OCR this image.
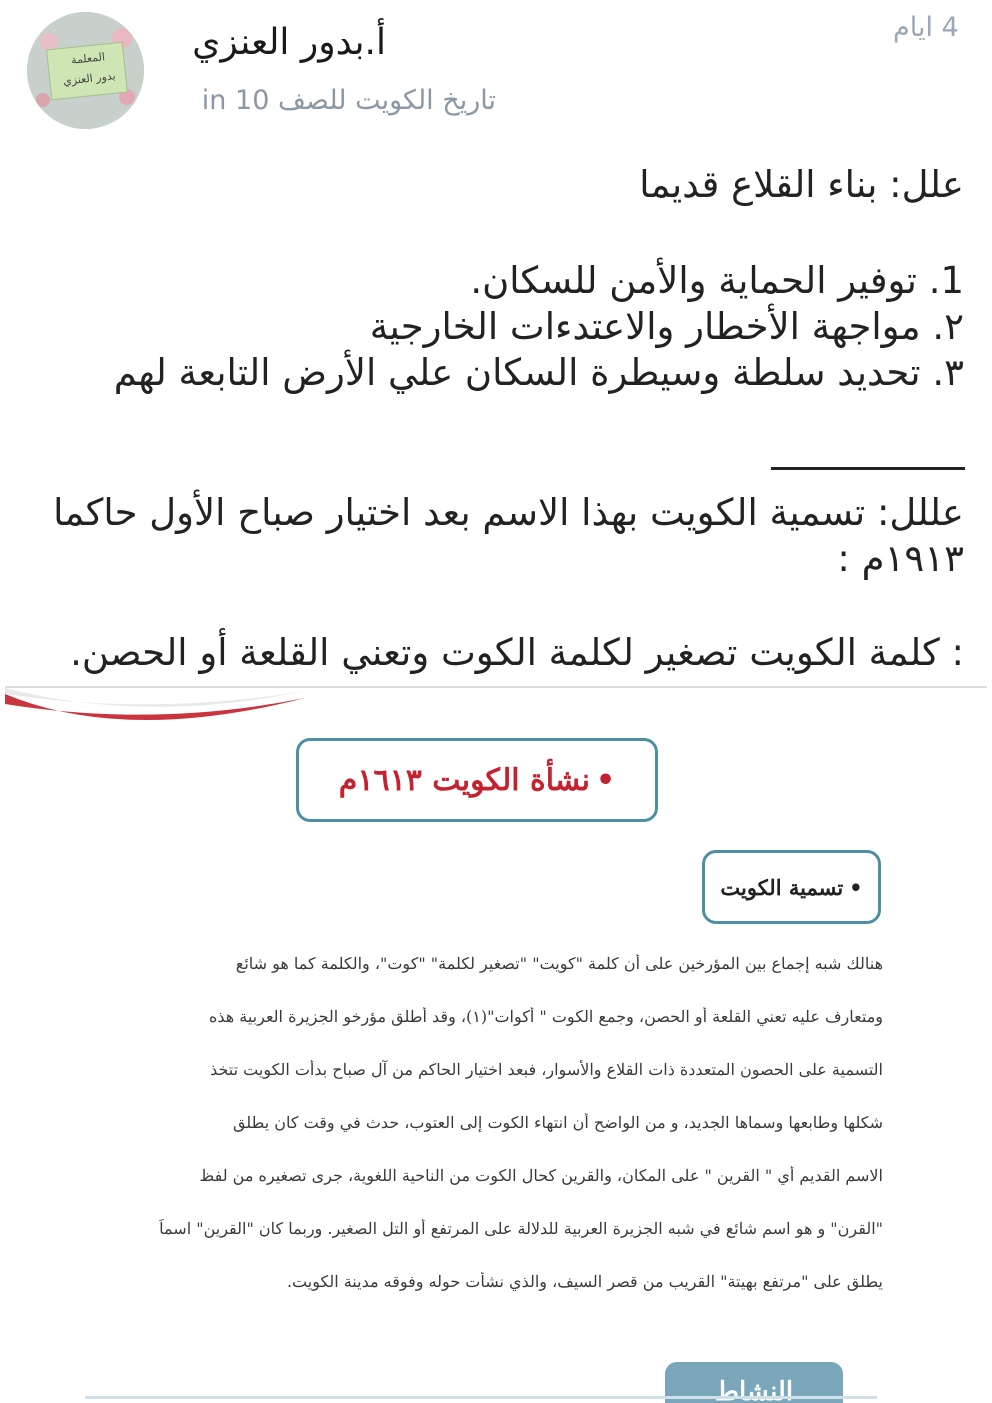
4 ايام
المعلمة
بدور العنزي
أ.بدور العنزي
تاريخ الكويت للصف 10 in
علل: بناء القلاع قديما
1. توفير الحماية والأمن للسكان.
٢. مواجهة الأخطار والاعتدءات الخارجية
٣. تحديد سلطة وسيطرة السكان علي الأرض التابعة لهم
عللل: تسمية الكويت بهذا الاسم بعد اختيار صباح الأول حاكما
١٩١٣م :
: كلمة الكويت تصغير لكلمة الكوت وتعني القلعة أو الحصن.
•
نشأة الكويت ١٦١٣م
•
تسمية الكويت
هنالك شبه إجماع بين المؤرخين على أن كلمة "كويت" "تصغير لكلمة" "كوت"، والكلمة كما هو شائع
ومتعارف عليه تعني القلعة أو الحصن، وجمع الكوت " أكوات"(١)، وقد أطلق مؤرخو الجزيرة العربية هذه
التسمية على الحصون المتعددة ذات القلاع والأسوار، فبعد اختيار الحاكم من آل صباح بدأت الكويت تتخذ
شكلها وطابعها وسماها الجديد، و من الواضح أن انتهاء الكوت إلى العتوب، حدث في وقت كان يطلق
الاسم القديم أي " القرين " على المكان، والقرين كحال الكوت من الناحية اللغوية، جرى تصغيره من لفظ
"القرن" و هو اسم شائع في شبه الجزيرة العربية للدلالة على المرتفع أو التل الصغير. وربما كان "القرين" اسماً
يطلق على "مرتفع بهيتة" القريب من قصر السيف، والذي نشأت حوله وفوقه مدينة الكويت.
النشاط
